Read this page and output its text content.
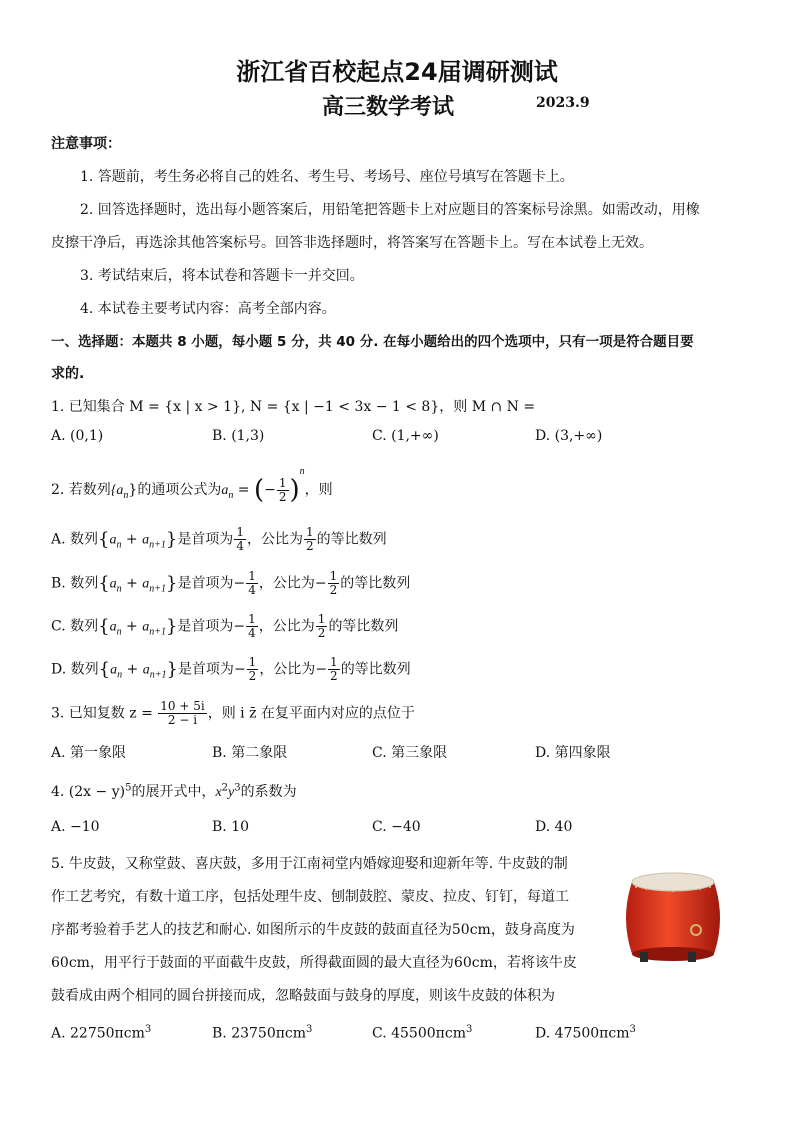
浙江省百校起点24届调研测试
高三数学考试	2023.9
注意事项：
1. 答题前，考生务必将自己的姓名、考生号、考场号、座位号填写在答题卡上。
2. 回答选择题时，选出每小题答案后，用铅笔把答题卡上对应题目的答案标号涂黑。如需改动，用橡
皮擦干净后，再选涂其他答案标号。回答非选择题时，将答案写在答题卡上。写在本试卷上无效。
3. 考试结束后，将本试卷和答题卡一并交回。
4. 本试卷主要考试内容：高考全部内容。
一、选择题：本题共 8 小题，每小题 5 分，共 40 分. 在每小题给出的四个选项中，只有一项是符合题目要
求的.
1. 已知集合 M = {x | x > 1}, N = {x | −1 < 3x − 1 < 8}，则 M ∩ N =
A. (0,1)	B. (1,3)	C. (1,+∞)	D. (3,+∞)
2. 若数列$\{a_n\}$的通项公式为$a_n$ = (− $\frac{1}{2} )^n$，则
A. 数列$\{a_n + a_{n+1}\}$是首项为 $\frac{1}{4}$ ，公比为 $\frac{1}{2}$ 的等比数列
B. 数列$\{a_n + a_{n+1}\}$是首项为− $\frac{1}{4}$ ，公比为− $\frac{1}{2}$ 的等比数列
C. 数列$\{a_n + a_{n+1}\}$是首项为− $\frac{1}{4}$ ，公比为 $\frac{1}{2}$ 的等比数列
D. 数列$\{a_n + a_{n+1}\}$是首项为− $\frac{1}{2}$ ，公比为− $\frac{1}{2}$ 的等比数列
3. 已知复数 $z = \frac{10 + 5i}{2 - i}$ ，则 i z̄ 在复平面内对应的点位于
A. 第一象限	B. 第二象限	C. 第三象限	D. 第四象限
4. $(2x - y)^5$的展开式中，$x^2y^3$的系数为
A. −10	B. 10	C. −40	D. 40
5. 牛皮鼓，又称堂鼓、喜庆鼓，多用于江南祠堂内婚嫁迎娶和迎新年等. 牛皮鼓的制
作工艺考究，有数十道工序，包括处理牛皮、刨制鼓腔、蒙皮、拉皮、钉钉，每道工
序都考验着手艺人的技艺和耐心. 如图所示的牛皮鼓的鼓面直径为50cm，鼓身高度为
60cm，用平行于鼓面的平面截牛皮鼓，所得截面圆的最大直径为60cm，若将该牛皮
鼓看成由两个相同的圆台拼接而成，忽略鼓面与鼓身的厚度，则该牛皮鼓的体积为
A. 22750πcm$^3$	B. 23750πcm$^3$	C. 45500πcm$^3$	D. 47500πcm$^3$
